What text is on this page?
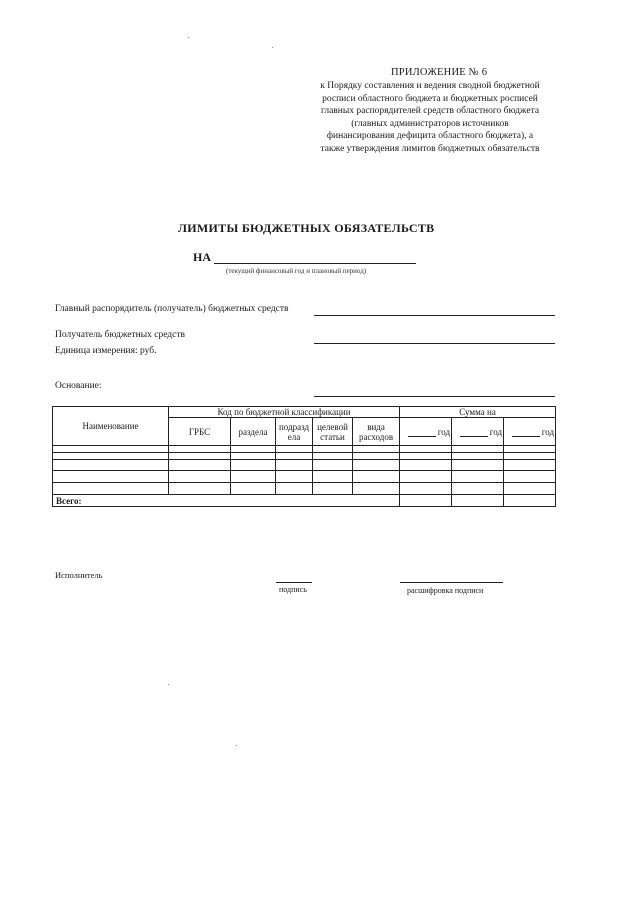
ПРИЛОЖЕНИЕ № 6
к Порядку составления и ведения сводной бюджетной
росписи областного бюджета и бюджетных росписей
главных распорядителей средств областного бюджета
(главных администраторов источников
финансирования дефицита областного бюджета), а
также утверждения лимитов бюджетных обязательств
ЛИМИТЫ БЮДЖЕТНЫХ ОБЯЗАТЕЛЬСТВ
НА
(текущий финансовый год и плановый период)
Главный распорядитель (получатель) бюджетных средств
Получатель бюджетных средств
Единица измерения: руб.
Основание:
Наименование	Код по бюджетной классификации					Сумма на		
	ГРБС	раздела	подразд ела	целевой статьи	вида расходов	год	год	год

Всего:								
Исполнитель
подпись	расшифровка подписи
